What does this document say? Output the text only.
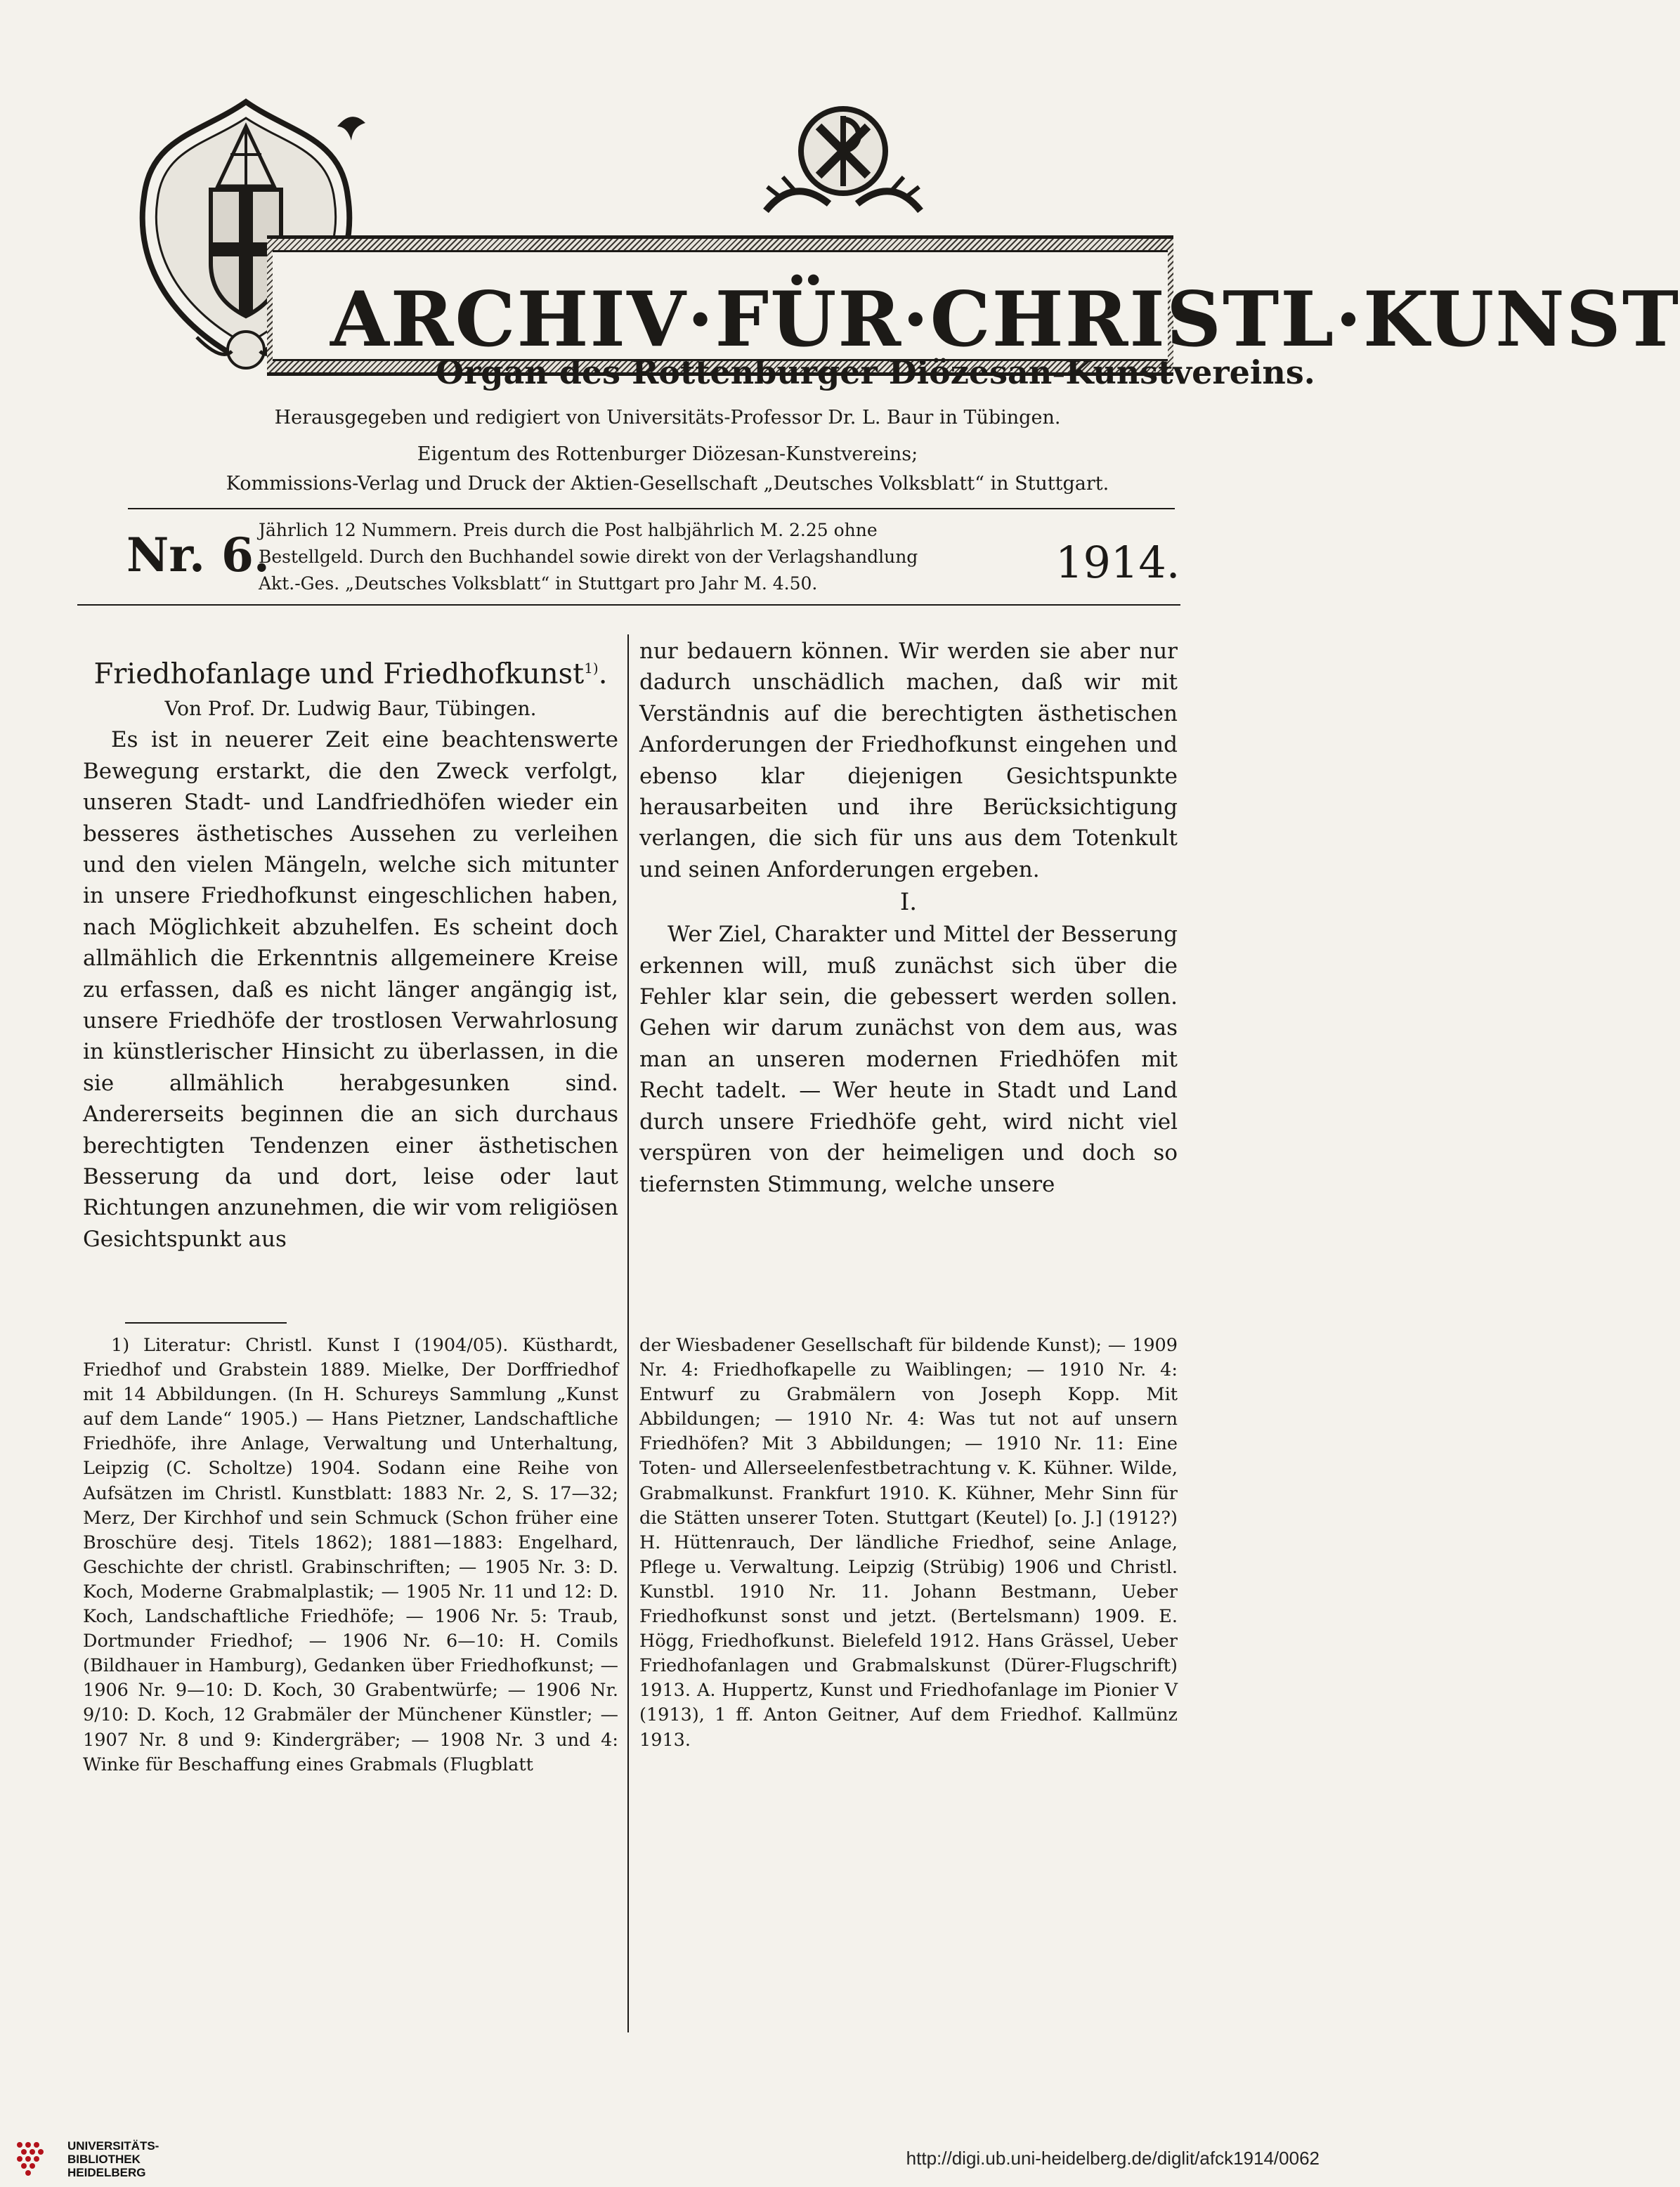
ARCHIV·FÜR·CHRISTL·KUNST
Organ des Rottenburger Diözesan-Kunstvereins.
Herausgegeben und redigiert von Universitäts-Professor Dr. L. Baur in Tübingen.
Eigentum des Rottenburger Diözesan-Kunstvereins;
Kommissions-Verlag und Druck der Aktien-Gesellschaft „Deutsches Volksblatt“ in Stuttgart.
Nr. 6.
Jährlich 12 Nummern. Preis durch die Post halbjährlich M. 2.25 ohne
Bestellgeld. Durch den Buchhandel sowie direkt von der Verlagshandlung
Akt.-Ges. „Deutsches Volksblatt“ in Stuttgart pro Jahr M. 4.50.	1914.

Friedhofanlage und Friedhofkunst$^{1)}$.

Von Prof. Dr. Ludwig Baur, Tübingen.

Es ist in neuerer Zeit eine beachtenswerte Bewegung erstarkt, die den Zweck verfolgt, unseren Stadt- und Landfriedhöfen wieder ein besseres ästhetisches Aussehen zu verleihen und den vielen Mängeln, welche sich mitunter in unsere Friedhofkunst eingeschlichen haben, nach Möglichkeit abzuhelfen. Es scheint doch allmählich die Erkenntnis allgemeinere Kreise zu erfassen, daß es nicht länger angängig ist, unsere Friedhöfe der trostlosen Verwahrlosung in künstlerischer Hinsicht zu überlassen, in die sie allmählich herabgesunken sind. Andererseits beginnen die an sich durchaus berechtigten Tendenzen einer ästhetischen Besserung da und dort, leise oder laut Richtungen anzunehmen, die wir vom religiösen Gesichtspunkt aus

nur bedauern können. Wir werden sie aber nur dadurch unschädlich machen, daß wir mit Verständnis auf die berechtigten ästhetischen Anforderungen der Friedhofkunst eingehen und ebenso klar diejenigen Gesichtspunkte herausarbeiten und ihre Berücksichtigung verlangen, die sich für uns aus dem Totenkult und seinen Anforderungen ergeben.

I.

Wer Ziel, Charakter und Mittel der Besserung erkennen will, muß zunächst sich über die Fehler klar sein, die gebessert werden sollen. Gehen wir darum zunächst von dem aus, was man an unseren modernen Friedhöfen mit Recht tadelt. — Wer heute in Stadt und Land durch unsere Friedhöfe geht, wird nicht viel verspüren von der heimeligen und doch so tiefernsten Stimmung, welche unsere

1) Literatur: Christl. Kunst I (1904/05). Küsthardt, Friedhof und Grabstein 1889. Mielke, Der Dorffriedhof mit 14 Abbildungen. (In H. Schureys Sammlung „Kunst auf dem Lande“ 1905.) — Hans Pietzner, Landschaftliche Friedhöfe, ihre Anlage, Verwaltung und Unterhaltung, Leipzig (C. Scholtze) 1904. Sodann eine Reihe von Aufsätzen im Christl. Kunstblatt: 1883 Nr. 2, S. 17—32; Merz, Der Kirchhof und sein Schmuck (Schon früher eine Broschüre desj. Titels 1862); 1881—1883: Engelhard, Geschichte der christl. Grabinschriften; — 1905 Nr. 3: D. Koch, Moderne Grabmalplastik; — 1905 Nr. 11 und 12: D. Koch, Landschaftliche Friedhöfe; — 1906 Nr. 5: Traub, Dortmunder Friedhof; — 1906 Nr. 6—10: H. Comils (Bildhauer in Hamburg), Gedanken über Friedhofkunst; — 1906 Nr. 9—10: D. Koch, 30 Grabentwürfe; — 1906 Nr. 9/10: D. Koch, 12 Grabmäler der Münchener Künstler; — 1907 Nr. 8 und 9: Kindergräber; — 1908 Nr. 3 und 4: Winke für Beschaffung eines Grabmals (Flugblatt

der Wiesbadener Gesellschaft für bildende Kunst); — 1909 Nr. 4: Friedhofkapelle zu Waiblingen; — 1910 Nr. 4: Entwurf zu Grabmälern von Joseph Kopp. Mit Abbildungen; — 1910 Nr. 4: Was tut not auf unsern Friedhöfen? Mit 3 Abbildungen; — 1910 Nr. 11: Eine Toten- und Allerseelenfestbetrachtung v. K. Kühner. Wilde, Grabmalkunst. Frankfurt 1910. K. Kühner, Mehr Sinn für die Stätten unserer Toten. Stuttgart (Keutel) [o. J.] (1912?) H. Hüttenrauch, Der ländliche Friedhof, seine Anlage, Pflege u. Verwaltung. Leipzig (Strübig) 1906 und Christl. Kunstbl. 1910 Nr. 11. Johann Bestmann, Ueber Friedhofkunst sonst und jetzt. (Bertelsmann) 1909. E. Högg, Friedhofkunst. Bielefeld 1912. Hans Grässel, Ueber Friedhofanlagen und Grabmalskunst (Dürer-Flugschrift) 1913. A. Huppertz, Kunst und Friedhofanlage im Pionier V (1913), 1 ff. Anton Geitner, Auf dem Friedhof. Kallmünz 1913.

UNIVERSITÄTS-
BIBLIOTHEK
HEIDELBERG
http://digi.ub.uni-heidelberg.de/diglit/afck1914/0062
